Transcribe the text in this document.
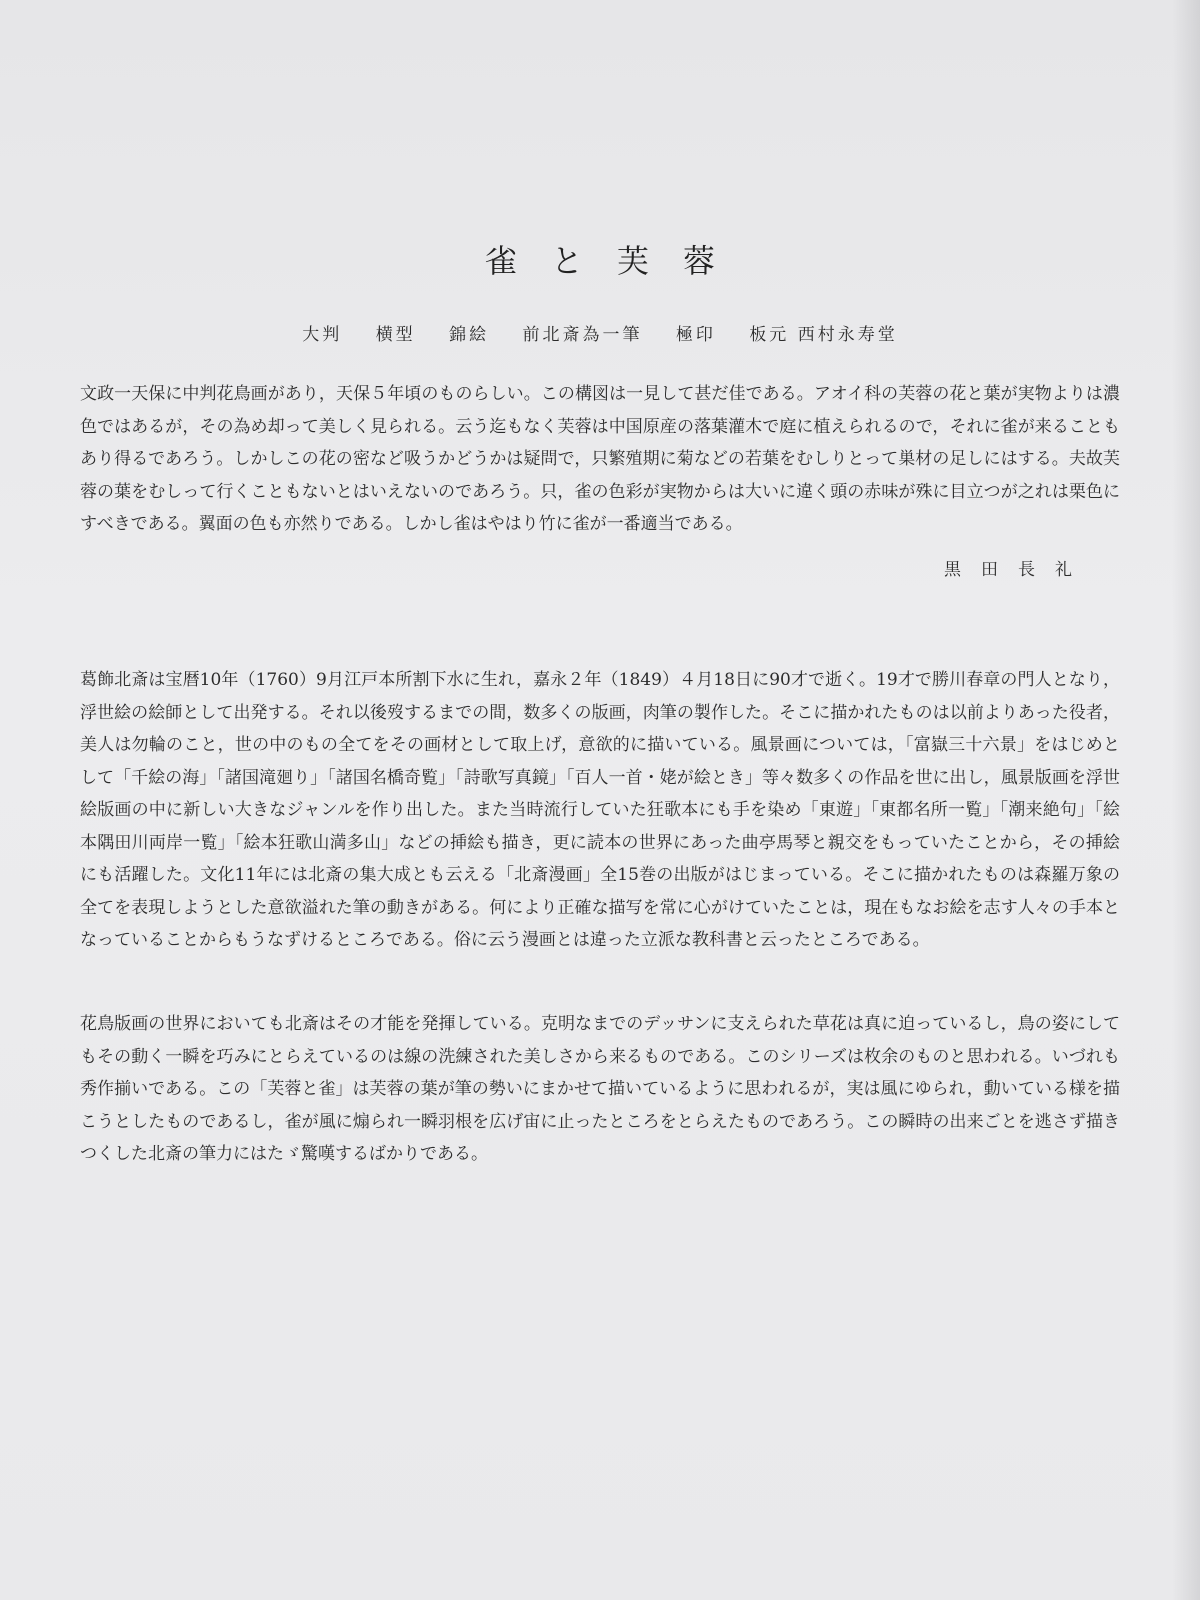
雀と芙蓉
大判 横型 錦絵 前北斎為一筆 極印 板元 西村永寿堂
文政一天保に中判花鳥画があり，天保５年頃のものらしい。この構図は一見して甚だ佳である。アオイ科の芙蓉の花と葉が実物よりは濃色ではあるが，その為め却って美しく見られる。云う迄もなく芙蓉は中国原産の落葉灌木で庭に植えられるので，それに雀が来ることもあり得るであろう。しかしこの花の密など吸うかどうかは疑問で，只繁殖期に菊などの若葉をむしりとって巣材の足しにはする。夫故芙蓉の葉をむしって行くこともないとはいえないのであろう。只，雀の色彩が実物からは大いに違く頭の赤味が殊に目立つが之れは栗色にすべきである。翼面の色も亦然りである。しかし雀はやはり竹に雀が一番適当である。
黒田長礼
葛飾北斎は宝暦10年（1760）9月江戸本所割下水に生れ，嘉永２年（1849）４月18日に90才で逝く。19才で勝川春章の門人となり，浮世絵の絵師として出発する。それ以後歿するまでの間，数多くの版画，肉筆の製作した。そこに描かれたものは以前よりあった役者，美人は勿輪のこと，世の中のもの全てをその画材として取上げ，意欲的に描いている。風景画については，「富嶽三十六景」をはじめとして「千絵の海」「諸国滝廻り」「諸国名橋奇覧」「詩歌写真鏡」「百人一首・姥が絵とき」等々数多くの作品を世に出し，風景版画を浮世絵版画の中に新しい大きなジャンルを作り出した。また当時流行していた狂歌本にも手を染め「東遊」「東都名所一覧」「潮来絶句」「絵本隅田川両岸一覧」「絵本狂歌山満多山」などの挿絵も描き，更に読本の世界にあった曲亭馬琴と親交をもっていたことから，その挿絵にも活躍した。文化11年には北斎の集大成とも云える「北斎漫画」全15巻の出版がはじまっている。そこに描かれたものは森羅万象の全てを表現しようとした意欲溢れた筆の動きがある。何により正確な描写を常に心がけていたことは，現在もなお絵を志す人々の手本となっていることからもうなずけるところである。俗に云う漫画とは違った立派な教科書と云ったところである。
花鳥版画の世界においても北斎はその才能を発揮している。克明なまでのデッサンに支えられた草花は真に迫っているし，鳥の姿にしてもその動く一瞬を巧みにとらえているのは線の洗練された美しさから来るものである。このシリーズは枚余のものと思われる。いづれも秀作揃いである。この「芙蓉と雀」は芙蓉の葉が筆の勢いにまかせて描いているように思われるが，実は風にゆられ，動いている様を描こうとしたものであるし，雀が風に煽られ一瞬羽根を広げ宙に止ったところをとらえたものであろう。この瞬時の出来ごとを逃さず描きつくした北斎の筆力にはたゞ驚嘆するばかりである。
